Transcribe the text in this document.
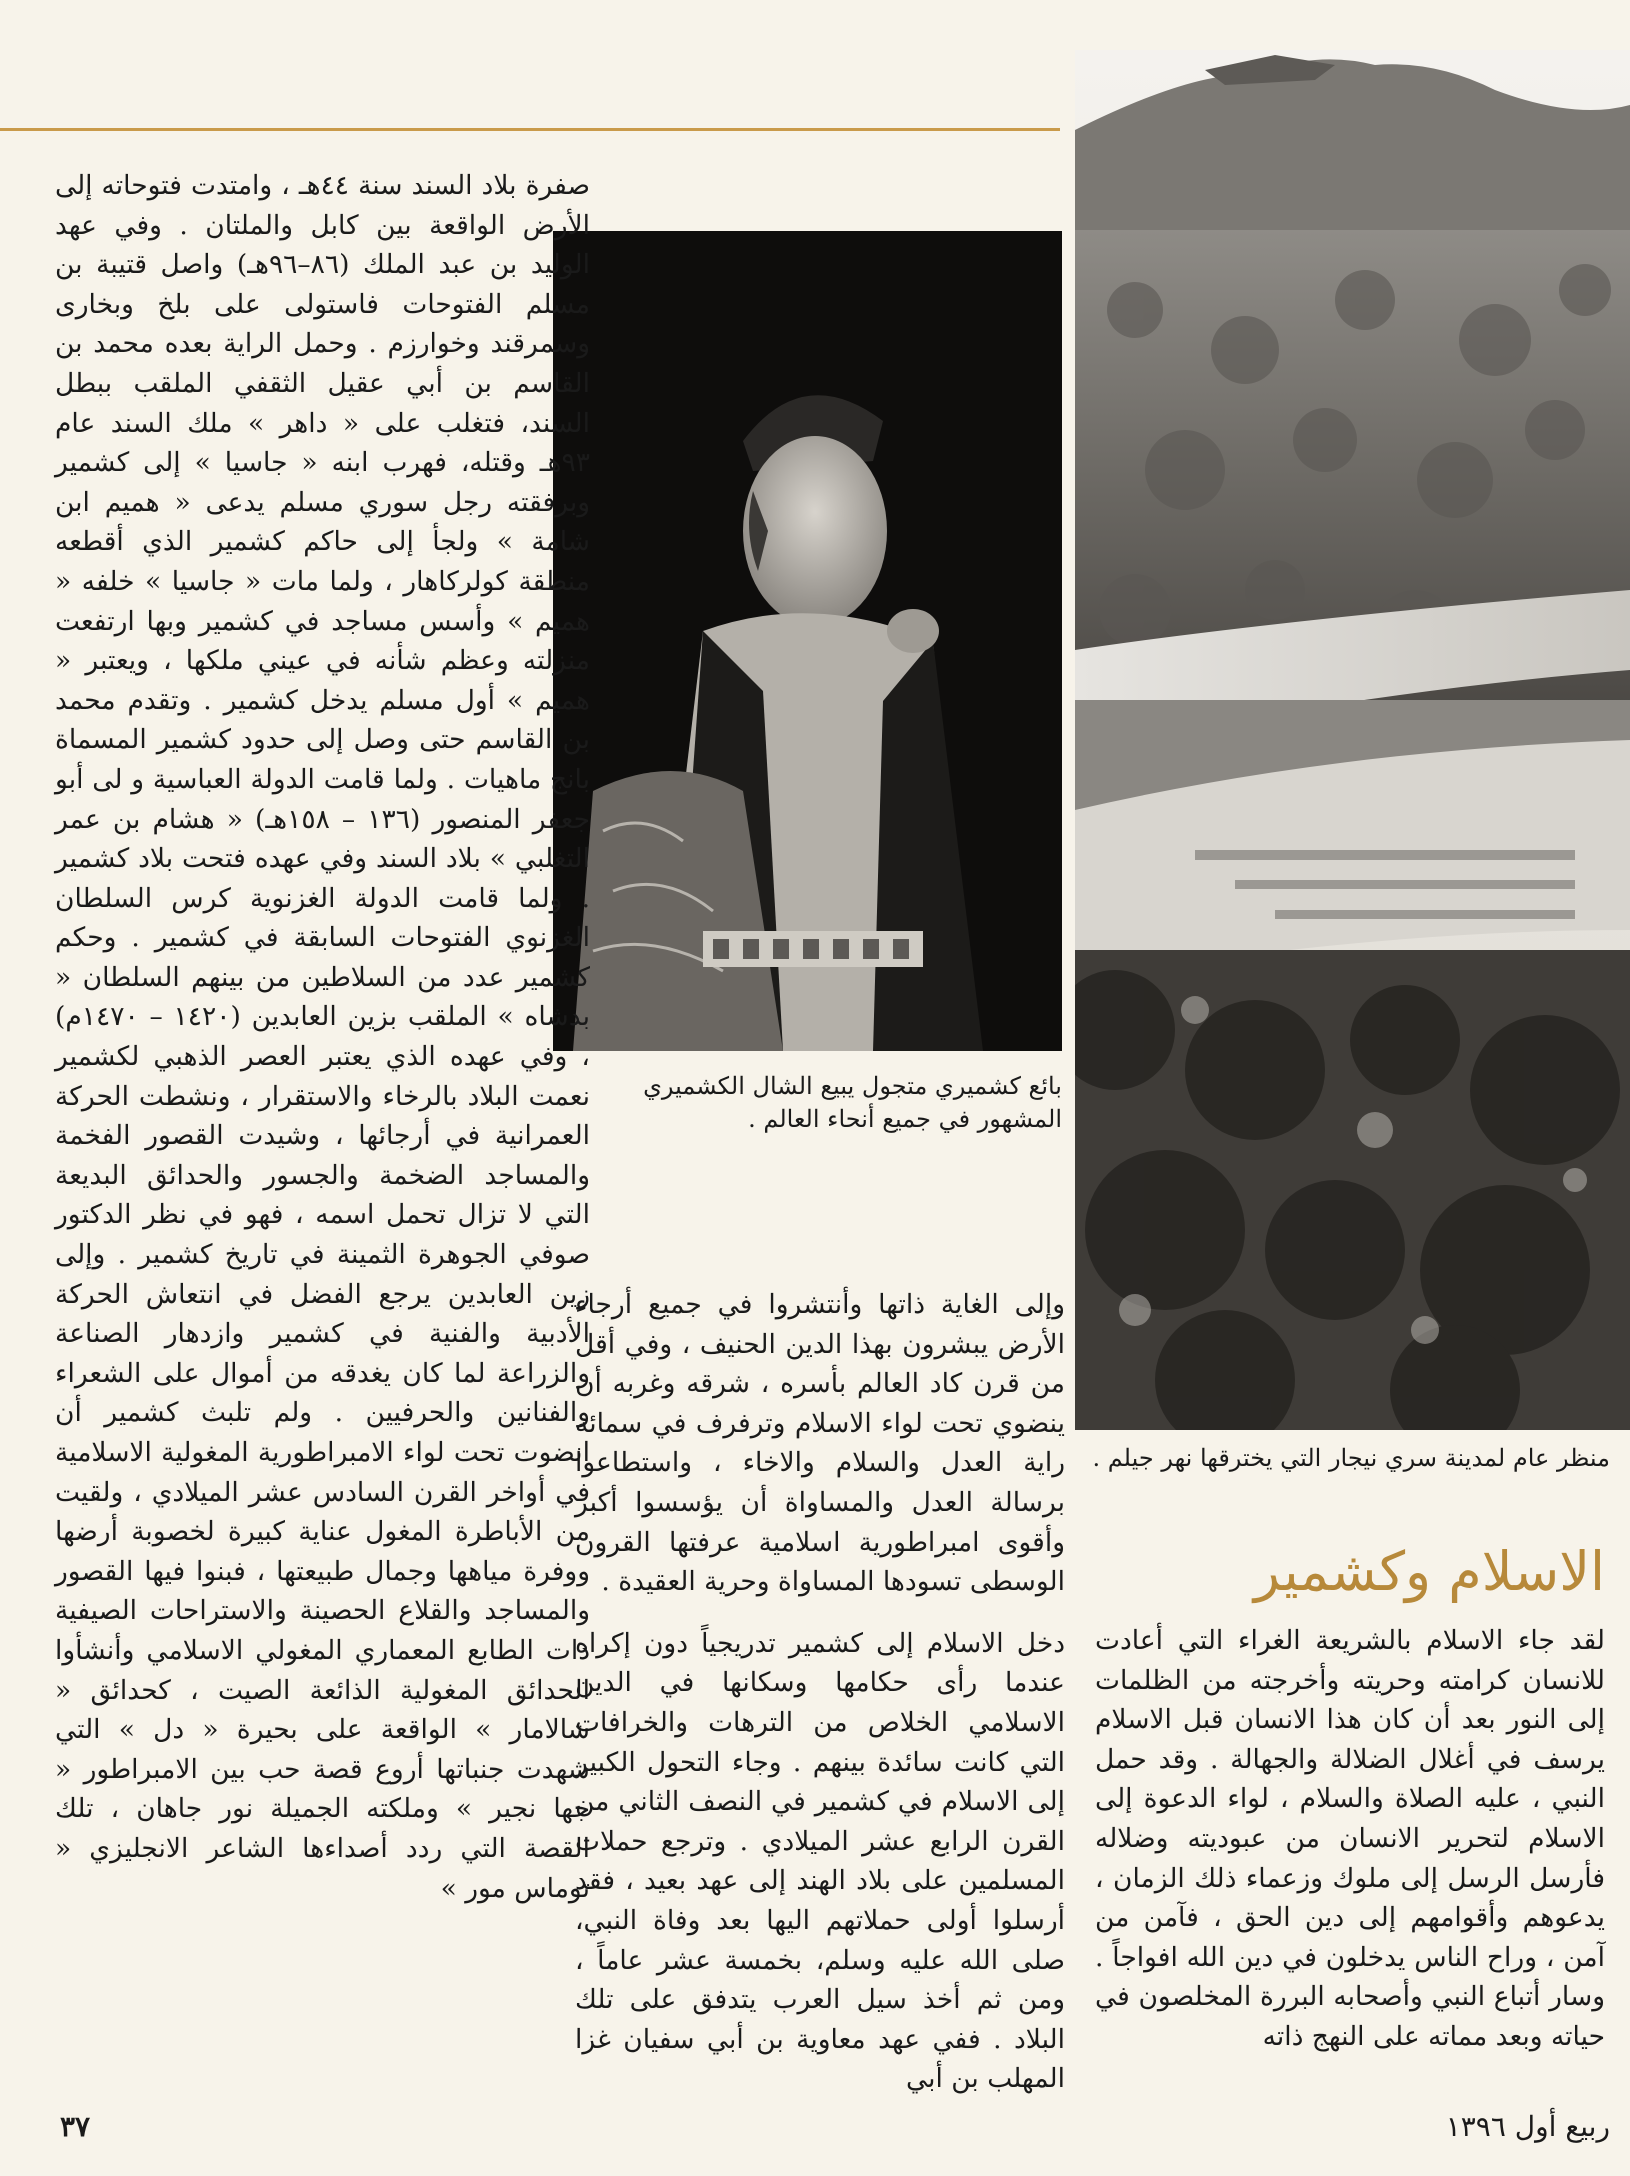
بائع كشميري متجول يبيع الشال الكشميري المشهور في جميع أنحاء العالم .
منظر عام لمدينة سري نيجار التي يخترقها نهر جيلم .

صفرة بلاد السند سنة ٤٤هـ ، وامتدت فتوحاته إلى الأرض الواقعة بين كابل والملتان . وفي عهد الوليد بن عبد الملك (٨٦–٩٦هـ) واصل قتيبة بن مسلم الفتوحات فاستولى على بلخ وبخارى وسمرقند وخوارزم . وحمل الراية بعده محمد بن القاسم بن أبي عقيل الثقفي الملقب ببطل السند، فتغلب على « داهر » ملك السند عام ٩٣هـ وقتله، فهرب ابنه « جاسيا » إلى كشمير وبرفقته رجل سوري مسلم يدعى « هميم ابن شامة » ولجأ إلى حاكم كشمير الذي أقطعه منطقة كولركاهار ، ولما مات « جاسيا » خلفه « هميم » وأسس مساجد في كشمير وبها ارتفعت منزلته وعظم شأنه في عيني ملكها ، ويعتبر « هميم » أول مسلم يدخل كشمير . وتقدم محمد بن القاسم حتى وصل إلى حدود كشمير المسماة بانج ماهيات . ولما قامت الدولة العباسية و لى أبو جعفر المنصور (١٣٦ – ١٥٨هـ) « هشام بن عمر التغلبي » بلاد السند وفي عهده فتحت بلاد كشمير . ولما قامت الدولة الغزنوية كرس السلطان الغزنوي الفتوحات السابقة في كشمير . وحكم كشمير عدد من السلاطين من بينهم السلطان « بدشاه » الملقب بزين العابدين (١٤٢٠ – ١٤٧٠م) ، وفي عهده الذي يعتبر العصر الذهبي لكشمير نعمت البلاد بالرخاء والاستقرار ، ونشطت الحركة العمرانية في أرجائها ، وشيدت القصور الفخمة والمساجد الضخمة والجسور والحدائق البديعة التي لا تزال تحمل اسمه ، فهو في نظر الدكتور صوفي الجوهرة الثمينة في تاريخ كشمير . وإلى زين العابدين يرجع الفضل في انتعاش الحركة الأدبية والفنية في كشمير وازدهار الصناعة والزراعة لما كان يغدقه من أموال على الشعراء والفنانين والحرفيين . ولم تلبث كشمير أن انضوت تحت لواء الامبراطورية المغولية الاسلامية في أواخر القرن السادس عشر الميلادي ، ولقيت من الأباطرة المغول عناية كبيرة لخصوبة أرضها ووفرة مياهها وجمال طبيعتها ، فبنوا فيها القصور والمساجد والقلاع الحصينة والاستراحات الصيفية ذات الطابع المعماري المغولي الاسلامي وأنشأوا الحدائق المغولية الذائعة الصيت ، كحدائق « شالامار » الواقعة على بحيرة « دل » التي شهدت جنباتها أروع قصة حب بين الامبراطور « جها نجير » وملكته الجميلة نور جاهان ، تلك القصة التي ردد أصداءها الشاعر الانجليزي « توماس مور »

وإلى الغاية ذاتها وأنتشروا في جميع أرجاء الأرض يبشرون بهذا الدين الحنيف ، وفي أقل من قرن كاد العالم بأسره ، شرقه وغربه أن ينضوي تحت لواء الاسلام وترفرف في سمائه راية العدل والسلام والاخاء ، واستطاعوا برسالة العدل والمساواة أن يؤسسوا أكبر وأقوى امبراطورية اسلامية عرفتها القرون الوسطى تسودها المساواة وحرية العقيدة .

دخل الاسلام إلى كشمير تدريجياً دون إكراه عندما رأى حكامها وسكانها في الدين الاسلامي الخلاص من الترهات والخرافات التي كانت سائدة بينهم . وجاء التحول الكبير إلى الاسلام في كشمير في النصف الثاني من القرن الرابع عشر الميلادي . وترجع حملات المسلمين على بلاد الهند إلى عهد بعيد ، فقد أرسلوا أولى حملاتهم اليها بعد وفاة النبي، صلى الله عليه وسلم، بخمسة عشر عاماً ، ومن ثم أخذ سيل العرب يتدفق على تلك البلاد . ففي عهد معاوية بن أبي سفيان غزا المهلب بن أبي

الاسلام وكشمير

لقد جاء الاسلام بالشريعة الغراء التي أعادت للانسان كرامته وحريته وأخرجته من الظلمات إلى النور بعد أن كان هذا الانسان قبل الاسلام يرسف في أغلال الضلالة والجهالة . وقد حمل النبي ، عليه الصلاة والسلام ، لواء الدعوة إلى الاسلام لتحرير الانسان من عبوديته وضلاله فأرسل الرسل إلى ملوك وزعماء ذلك الزمان ، يدعوهم وأقوامهم إلى دين الحق ، فآمن من آمن ، وراح الناس يدخلون في دين الله افواجاً . وسار أتباع النبي وأصحابه البررة المخلصون في حياته وبعد مماته على النهج ذاته

٣٧	ربيع أول ١٣٩٦
